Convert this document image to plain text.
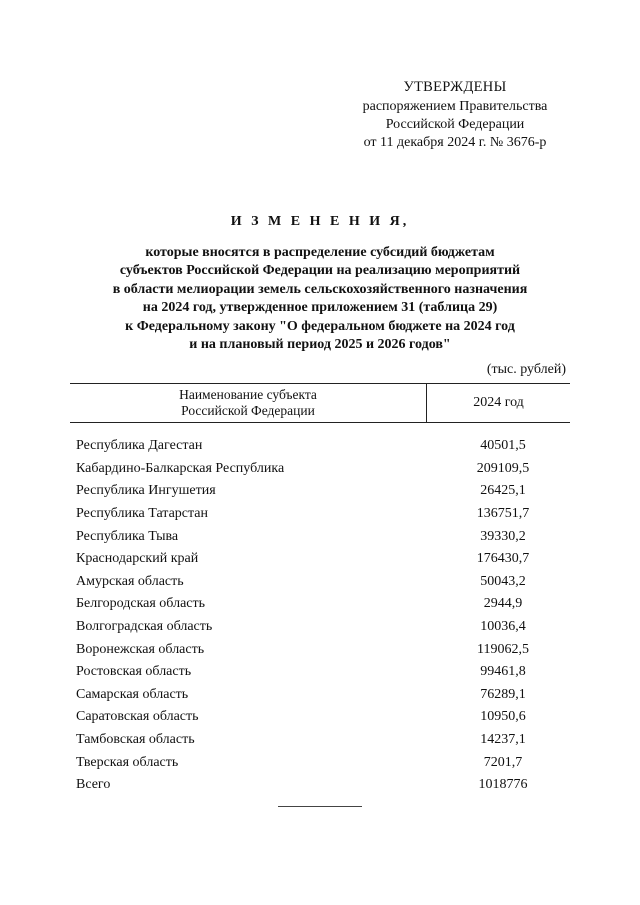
УТВЕРЖДЕНЫ
распоряжением Правительства
Российской Федерации
от 11 декабря 2024 г. № 3676-р
И З М Е Н Е Н И Я,
которые вносятся в распределение субсидий бюджетам
субъектов Российской Федерации на реализацию мероприятий
в области мелиорации земель сельскохозяйственного назначения
на 2024 год, утвержденное приложением 31 (таблица 29)
к Федеральному закону "О федеральном бюджете на 2024 год
и на плановый период 2025 и 2026 годов"
(тыс. рублей)
Наименование субъекта
Российской Федерации
2024 год
Республика Дагестан	40501,5
Кабардино-Балкарская Республика	209109,5
Республика Ингушетия	26425,1
Республика Татарстан	136751,7
Республика Тыва	39330,2
Краснодарский край	176430,7
Амурская область	50043,2
Белгородская область	2944,9
Волгоградская область	10036,4
Воронежская область	119062,5
Ростовская область	99461,8
Самарская область	76289,1
Саратовская область	10950,6
Тамбовская область	14237,1
Тверская область	7201,7
Всего	1018776
